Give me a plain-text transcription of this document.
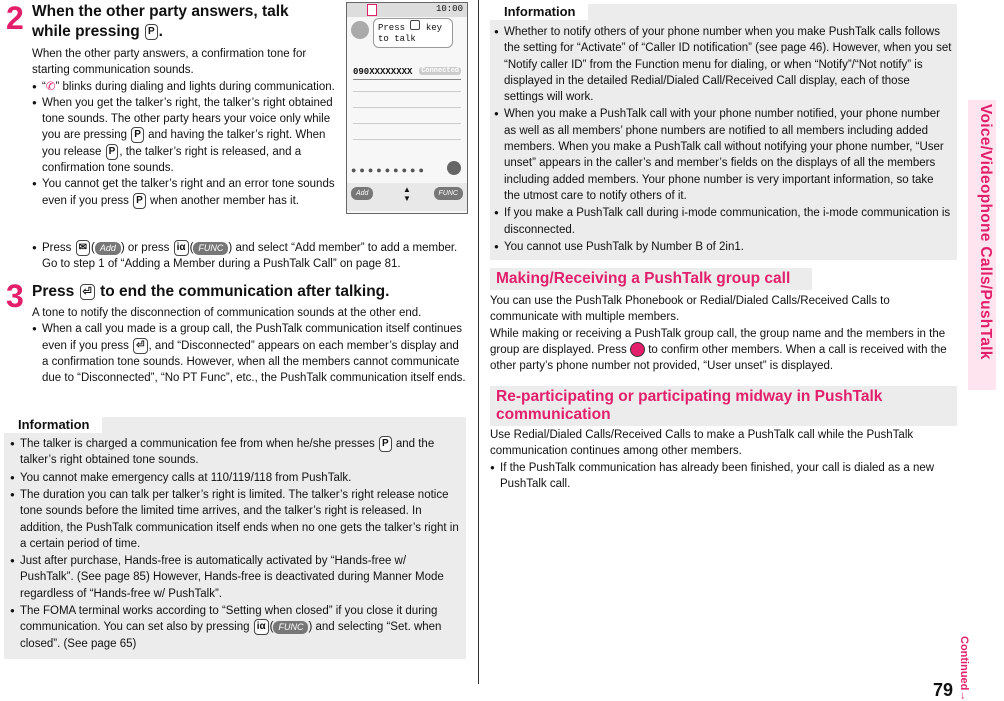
2 When the other party answers, talk
while pressing P .
When the other party answers, a confirmation tone for starting communication sounds.
● “✆” blinks during dialing and lights during communication.
● When you get the talker’s right, the talker’s right obtained tone sounds. The other party hears your voice only while you are pressing P and having the talker’s right. When you release P , the talker’s right is released, and a confirmation tone sounds.
● You cannot get the talker’s right and an error tone sounds even if you press P when another member has it.
● Press ✉ ( Add ) or press iα ( FUNC ) and select “Add member” to add a member. Go to step 1 of “Adding a Member during a PushTalk Call” on page 81.
10:00
Press key
to talk
090XXXXXXXX Connected
●●●●●●●●●
Add	▲
▼
FUNC
3 Press ⏎ to end the communication after talking.
A tone to notify the disconnection of communication sounds at the other end.
● When a call you made is a group call, the PushTalk communication itself continues even if you press ⏎ , and “Disconnected” appears on each member’s display and a confirmation tone sounds. However, when all the members cannot communicate due to “Disconnected”, “No PT Func”, etc., the PushTalk communication itself ends.
Information
● The talker is charged a communication fee from when he/she presses P and the talker’s right obtained tone sounds.
● You cannot make emergency calls at 110/119/118 from PushTalk.
● The duration you can talk per talker’s right is limited. The talker’s right release notice tone sounds before the limited time arrives, and the talker’s right is released. In addition, the PushTalk communication itself ends when no one gets the talker’s right in a certain period of time.
● Just after purchase, Hands-free is automatically activated by “Hands-free w/ PushTalk”. (See page 85) However, Hands-free is deactivated during Manner Mode regardless of “Hands-free w/ PushTalk”.
● The FOMA terminal works according to “Setting when closed” if you close it during communication. You can set also by pressing iα ( FUNC ) and selecting “Set. when closed”. (See page 65)
Information
● Whether to notify others of your phone number when you make PushTalk calls follows the setting for “Activate” of “Caller ID notification” (see page 46). However, when you set “Notify caller ID” from the Function menu for dialing, or when “Notify”/“Not notify” is displayed in the detailed Redial/Dialed Call/Received Call display, each of those settings will work.
● When you make a PushTalk call with your phone number notified, your phone number as well as all members’ phone numbers are notified to all members including added members. When you make a PushTalk call without notifying your phone number, “User unset” appears in the caller’s and member’s fields on the displays of all the members including added members. Your phone number is very important information, so take the utmost care to notify others of it.
● If you make a PushTalk call during i-mode communication, the i-mode communication is disconnected.
● You cannot use PushTalk by Number B of 2in1.
Making/Receiving a PushTalk group call
You can use the PushTalk Phonebook or Redial/Dialed Calls/Received Calls to communicate with multiple members.
While making or receiving a PushTalk group call, the group name and the members in the group are displayed. Press to confirm other members. When a call is received with the other party’s phone number not provided, “User unset” is displayed.
Re-participating or participating midway in PushTalk communication
Use Redial/Dialed Calls/Received Calls to make a PushTalk call while the PushTalk communication continues among other members.
● If the PushTalk communication has already been finished, your call is dialed as a new PushTalk call.
Voice/Videophone Calls/PushTalk
Continued→
79
